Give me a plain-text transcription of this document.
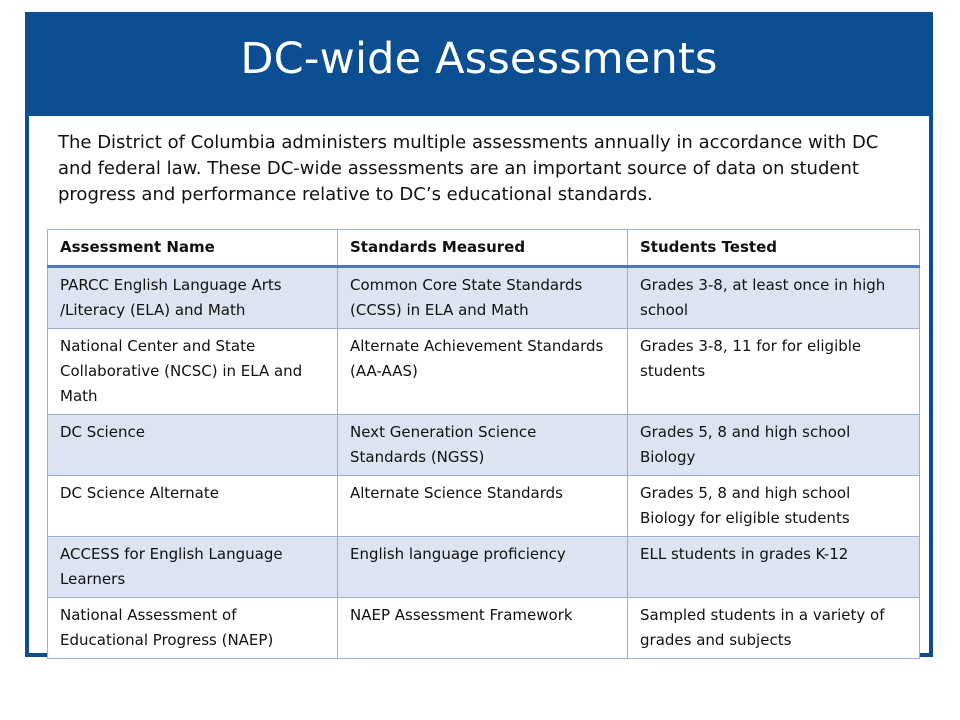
DC-wide Assessments

The District of Columbia administers multiple assessments annually in accordance with DC and federal law. These DC-wide assessments are an important source of data on student progress and performance relative to DC’s educational standards.

Assessment Name	Standards Measured	Students Tested
PARCC English Language Arts /Literacy (ELA) and Math	Common Core State Standards (CCSS) in ELA and Math	Grades 3-8, at least once in high school
National Center and State Collaborative (NCSC) in ELA and Math	Alternate Achievement Standards (AA-AAS)	Grades 3-8, 11 for for eligible students
DC Science	Next Generation Science Standards (NGSS)	Grades 5, 8 and high school Biology
DC Science Alternate	Alternate Science Standards	Grades 5, 8 and high school Biology for eligible students
ACCESS for English Language Learners	English language proficiency	ELL students in grades K-12
National Assessment of Educational Progress (NAEP)	NAEP Assessment Framework	Sampled students in a variety of grades and subjects
